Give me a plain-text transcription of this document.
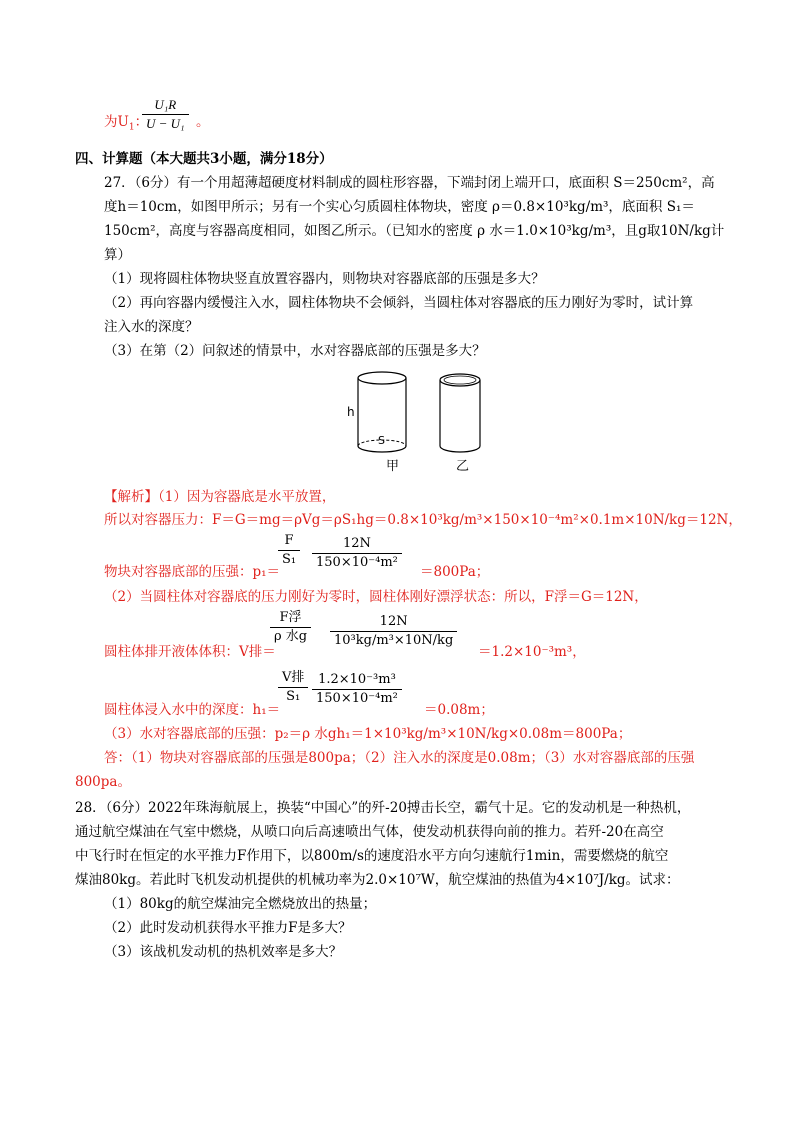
为$U_1$：
U₁R
U − U₁ 。
四、计算题（本大题共3小题，满分18分）
27．（6分）有一个用超薄超硬度材料制成的圆柱形容器，下端封闭上端开口，底面积 S＝250cm²，高
度h＝10cm，如图甲所示；另有一个实心匀质圆柱体物块，密度 ρ＝0.8×10³kg/m³，底面积 S₁＝
150cm²，高度与容器高度相同，如图乙所示。（已知水的密度 ρ 水＝1.0×10³kg/m³，且g取10N/kg计
算）
（1）现将圆柱体物块竖直放置容器内，则物块对容器底部的压强是多大？
（2）再向容器内缓慢注入水，圆柱体物块不会倾斜，当圆柱体对容器底的压力刚好为零时，试计算
注入水的深度？
（3）在第（2）问叙述的情景中，水对容器底部的压强是多大？
h
S
甲	乙
【解析】（1）因为容器底是水平放置，
所以对容器压力：F＝G＝mg＝ρVg＝ρS₁hg＝0.8×10³kg/m³×150×10⁻⁴m²×0.1m×10N/kg＝12N，
物块对容器底部的压强：p₁＝
F
S₁
12N
150×10⁻⁴m²
＝800Pa；
（2）当圆柱体对容器底的压力刚好为零时，圆柱体刚好漂浮状态：所以，F浮＝G＝12N，
圆柱体排开液体体积：V排＝
F浮
ρ 水g
12N
10³kg/m³×10N/kg
＝1.2×10⁻³m³，
圆柱体浸入水中的深度：h₁＝
V排
S₁
1.2×10⁻³m³
150×10⁻⁴m²
＝0.08m；
（3）水对容器底部的压强：p₂＝ρ 水gh₁＝1×10³kg/m³×10N/kg×0.08m＝800Pa；
答：（1）物块对容器底部的压强是800pa；（2）注入水的深度是0.08m；（3）水对容器底部的压强
800pa。
28．（6分）2022年珠海航展上，换装“中国心”的歼-20搏击长空，霸气十足。它的发动机是一种热机，
通过航空煤油在气室中燃烧，从喷口向后高速喷出气体，使发动机获得向前的推力。若歼-20在高空
中飞行时在恒定的水平推力F作用下，以800m/s的速度沿水平方向匀速航行1min，需要燃烧的航空
煤油80kg。若此时飞机发动机提供的机械功率为2.0×10⁷W，航空煤油的热值为4×10⁷J/kg。试求：
（1）80kg的航空煤油完全燃烧放出的热量；
（2）此时发动机获得水平推力F是多大？
（3）该战机发动机的热机效率是多大？
